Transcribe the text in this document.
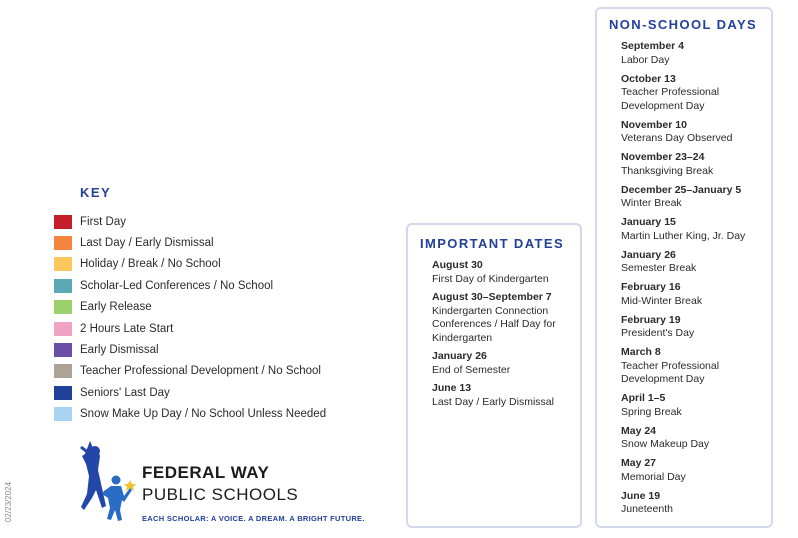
KEY
First Day
Last Day / Early Dismissal
Holiday / Break / No School
Scholar-Led Conferences / No School
Early Release
2 Hours Late Start
Early Dismissal
Teacher Professional Development / No School
Seniors' Last Day
Snow Make Up Day / No School Unless Needed
IMPORTANT DATES
August 30
First Day of Kindergarten
August 30–September 7
Kindergarten Connection Conferences / Half Day for Kindergarten
January 26
End of Semester
June 13
Last Day / Early Dismissal
NON-SCHOOL DAYS
September 4
Labor Day
October 13
Teacher Professional Development Day
November 10
Veterans Day Observed
November 23–24
Thanksgiving Break
December 25–January 5
Winter Break
January 15
Martin Luther King, Jr. Day
January 26
Semester Break
February 16
Mid-Winter Break
February 19
President's Day
March 8
Teacher Professional Development Day
April 1–5
Spring Break
May 24
Snow Makeup Day
May 27
Memorial Day
June 19
Juneteenth
02/23/2024
FEDERAL WAY
PUBLIC SCHOOLS
EACH SCHOLAR: A VOICE. A DREAM. A BRIGHT FUTURE.
